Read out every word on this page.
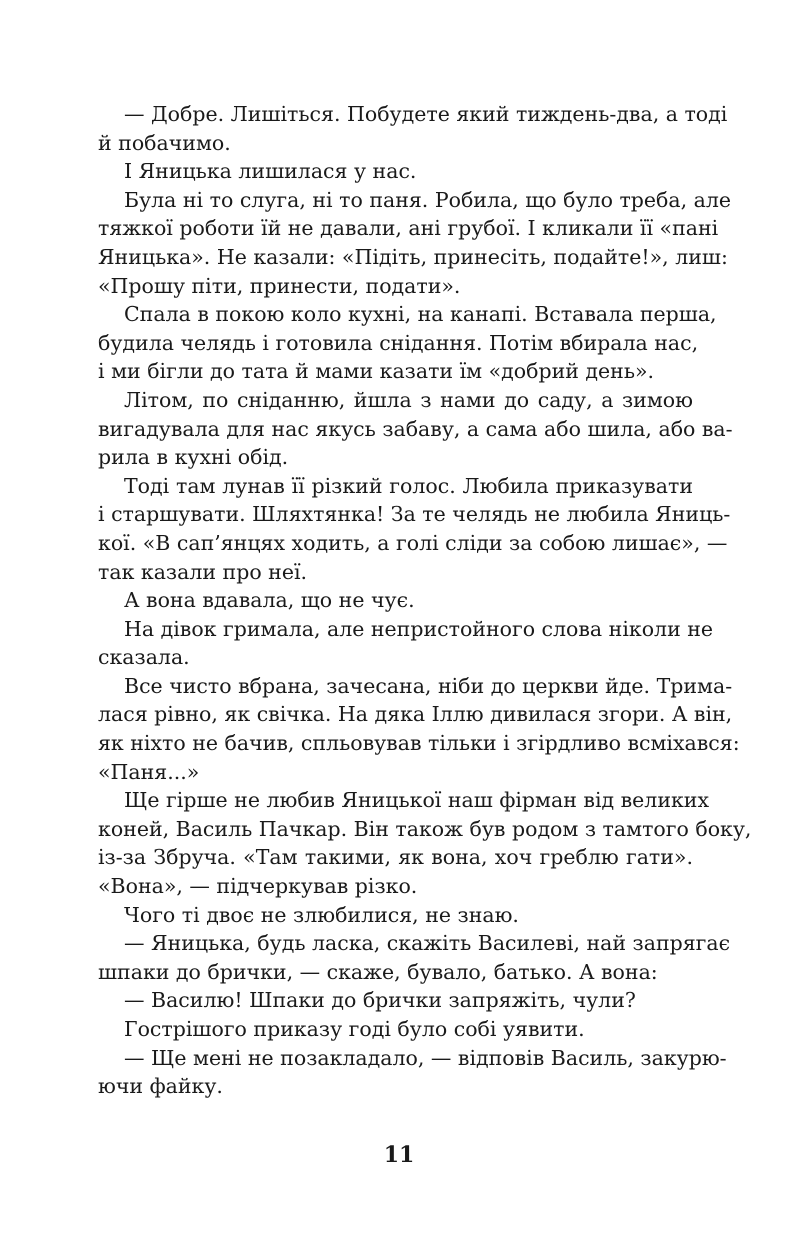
— Добре. Лишіться. Побудете який тиждень-два, а тоді
й побачимо.
І Яницька лишилася у нас.
Була ні то слуга, ні то паня. Робила, що було треба, але
тяжкої роботи їй не давали, ані грубої. І кликали її «пані
Яницька». Не казали: «Підіть, принесіть, подайте!», лиш:
«Прошу піти, принести, подати».
Спала в покою коло кухні, на канапі. Вставала перша,
будила челядь і готовила снідання. Потім вбирала нас,
і ми бігли до тата й мами казати їм «добрий день».
Літом, по сніданню, йшла з нами до саду, а зимою
вигадувала для нас якусь забаву, а сама або шила, або ва-
рила в кухні обід.
Тоді там лунав її різкий голос. Любила приказувати
і старшувати. Шляхтянка! За те челядь не любила Яниць-
кої. «В сап’янцях ходить, а голі сліди за собою лишає», —
так казали про неї.
А вона вдавала, що не чує.
На дівок гримала, але непристойного слова ніколи не
сказала.
Все чисто вбрана, зачесана, ніби до церкви йде. Трима-
лася рівно, як свічка. На дяка Іллю дивилася згори. А він,
як ніхто не бачив, спльовував тільки і згірдливо всміхався:
«Паня...»
Ще гірше не любив Яницької наш фірман від великих
коней, Василь Пачкар. Він також був родом з тамтого боку,
із-за Збруча. «Там такими, як вона, хоч греблю гати».
«Вона», — підчеркував різко.
Чого ті двоє не злюбилися, не знаю.
— Яницька, будь ласка, скажіть Василеві, най запрягає
шпаки до брички, — скаже, бувало, батько. А вона:
— Василю! Шпаки до брички запряжіть, чули?
Гострішого приказу годі було собі уявити.
— Ще мені не позакладало, — відповів Василь, закурю-
ючи файку.
11
